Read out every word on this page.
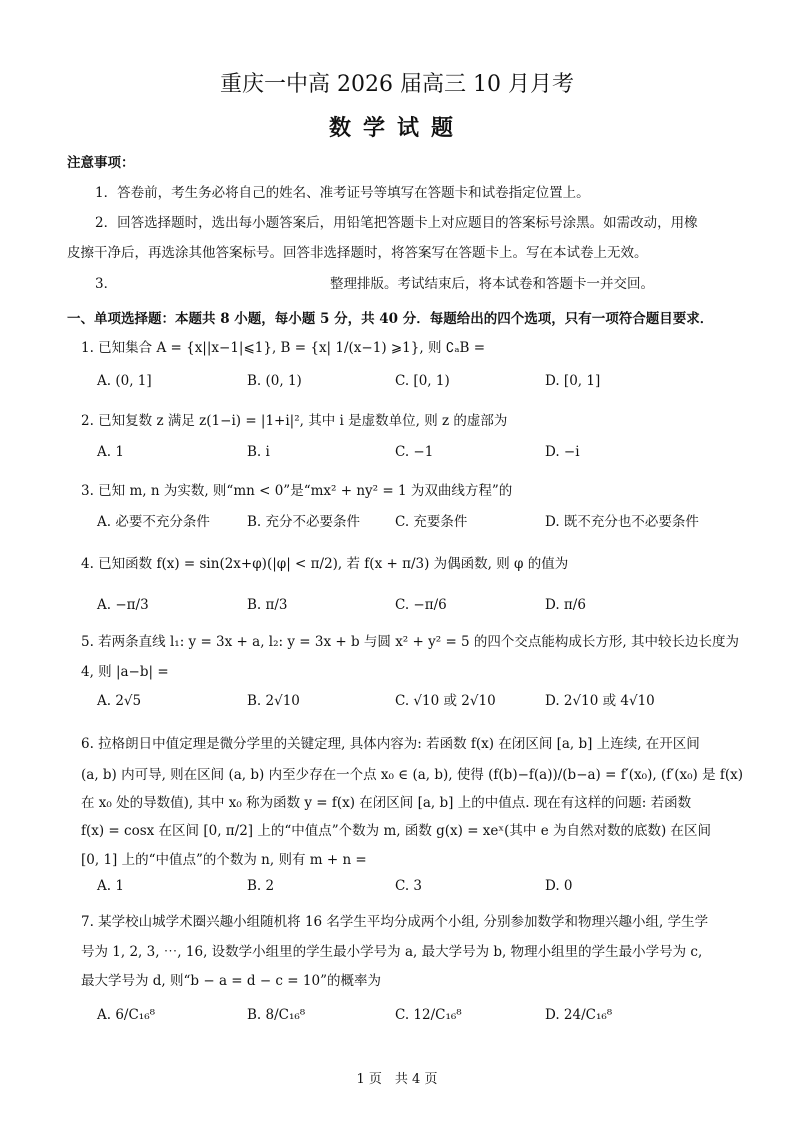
重庆一中高 2026 届高三 10 月月考
数学试题
注意事项：
1．答卷前，考生务必将自己的姓名、准考证号等填写在答题卡和试卷指定位置上。
2．回答选择题时，选出每小题答案后，用铅笔把答题卡上对应题目的答案标号涂黑。如需改动，用橡
皮擦干净后，再选涂其他答案标号。回答非选择题时，将答案写在答题卡上。写在本试卷上无效。
3．	整理排版。考试结束后，将本试卷和答题卡一并交回。
一、单项选择题：本题共 8 小题，每小题 5 分，共 40 分．每题给出的四个选项，只有一项符合题目要求．
1. 已知集合 A = {x||x−1|⩽1}, B = {x| 1/(x−1) ⩾1}, 则 ∁ₐB =
A. (0, 1]	B. (0, 1)	C. [0, 1)	D. [0, 1]
2. 已知复数 z 满足 z(1−i) = |1+i|², 其中 i 是虚数单位, 则 z 的虚部为
A. 1	B. i	C. −1	D. −i
3. 已知 m, n 为实数, 则“mn < 0”是“mx² + ny² = 1 为双曲线方程”的
A. 必要不充分条件	B. 充分不必要条件	C. 充要条件	D. 既不充分也不必要条件
4. 已知函数 f(x) = sin(2x+φ)(|φ| < π/2), 若 f(x + π/3) 为偶函数, 则 φ 的值为
A. −π/3	B. π/3	C. −π/6	D. π/6
5. 若两条直线 l₁: y = 3x + a, l₂: y = 3x + b 与圆 x² + y² = 5 的四个交点能构成长方形, 其中较长边长度为
4, 则 |a−b| =
A. 2√5	B. 2√10	C. √10 或 2√10	D. 2√10 或 4√10
6. 拉格朗日中值定理是微分学里的关键定理, 具体内容为: 若函数 f(x) 在闭区间 [a, b] 上连续, 在开区间
(a, b) 内可导, 则在区间 (a, b) 内至少存在一个点 x₀ ∈ (a, b), 使得 (f(b)−f(a))/(b−a) = f′(x₀), (f′(x₀) 是 f(x)
在 x₀ 处的导数值), 其中 x₀ 称为函数 y = f(x) 在闭区间 [a, b] 上的中值点. 现在有这样的问题: 若函数
f(x) = cosx 在区间 [0, π/2] 上的“中值点”个数为 m, 函数 g(x) = xeˣ(其中 e 为自然对数的底数) 在区间
[0, 1] 上的“中值点”的个数为 n, 则有 m + n =
A. 1	B. 2	C. 3	D. 0
7. 某学校山城学术圈兴趣小组随机将 16 名学生平均分成两个小组, 分别参加数学和物理兴趣小组, 学生学
号为 1, 2, 3, ⋯, 16, 设数学小组里的学生最小学号为 a, 最大学号为 b, 物理小组里的学生最小学号为 c,
最大学号为 d, 则“b − a = d − c = 10”的概率为
A. 6/C₁₆⁸	B. 8/C₁₆⁸	C. 12/C₁₆⁸	D. 24/C₁₆⁸
1 页　共 4 页
